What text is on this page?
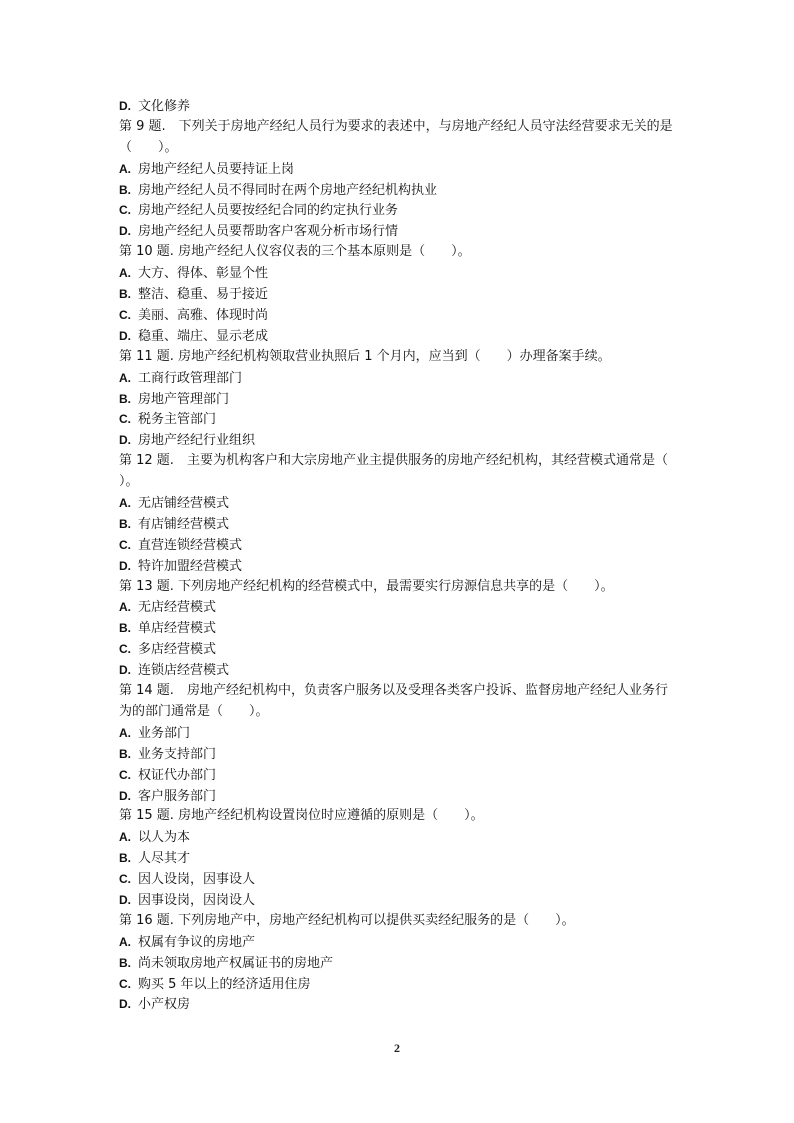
D. 文化修养
第 9 题.　下列关于房地产经纪人员行为要求的表述中，与房地产经纪人员守法经营要求无关的是（　　）。
A. 房地产经纪人员要持证上岗
B. 房地产经纪人员不得同时在两个房地产经纪机构执业
C. 房地产经纪人员要按经纪合同的约定执行业务
D. 房地产经纪人员要帮助客户客观分析市场行情
第 10 题. 房地产经纪人仪容仪表的三个基本原则是（　　）。
A. 大方、得体、彰显个性
B. 整洁、稳重、易于接近
C. 美丽、高雅、体现时尚
D. 稳重、端庄、显示老成
第 11 题. 房地产经纪机构领取营业执照后 1 个月内，应当到（　　）办理备案手续。
A. 工商行政管理部门
B. 房地产管理部门
C. 税务主管部门
D. 房地产经纪行业组织
第 12 题.　主要为机构客户和大宗房地产业主提供服务的房地产经纪机构，其经营模式通常是（　　）。
A. 无店铺经营模式
B. 有店铺经营模式
C. 直营连锁经营模式
D. 特许加盟经营模式
第 13 题. 下列房地产经纪机构的经营模式中，最需要实行房源信息共享的是（　　）。
A. 无店经营模式
B. 单店经营模式
C. 多店经营模式
D. 连锁店经营模式
第 14 题.　房地产经纪机构中，负责客户服务以及受理各类客户投诉、监督房地产经纪人业务行为的部门通常是（　　）。
A. 业务部门
B. 业务支持部门
C. 权证代办部门
D. 客户服务部门
第 15 题. 房地产经纪机构设置岗位时应遵循的原则是（　　）。
A. 以人为本
B. 人尽其才
C. 因人设岗，因事设人
D. 因事设岗，因岗设人
第 16 题. 下列房地产中，房地产经纪机构可以提供买卖经纪服务的是（　　）。
A. 权属有争议的房地产
B. 尚未领取房地产权属证书的房地产
C. 购买 5 年以上的经济适用住房
D. 小产权房
2
